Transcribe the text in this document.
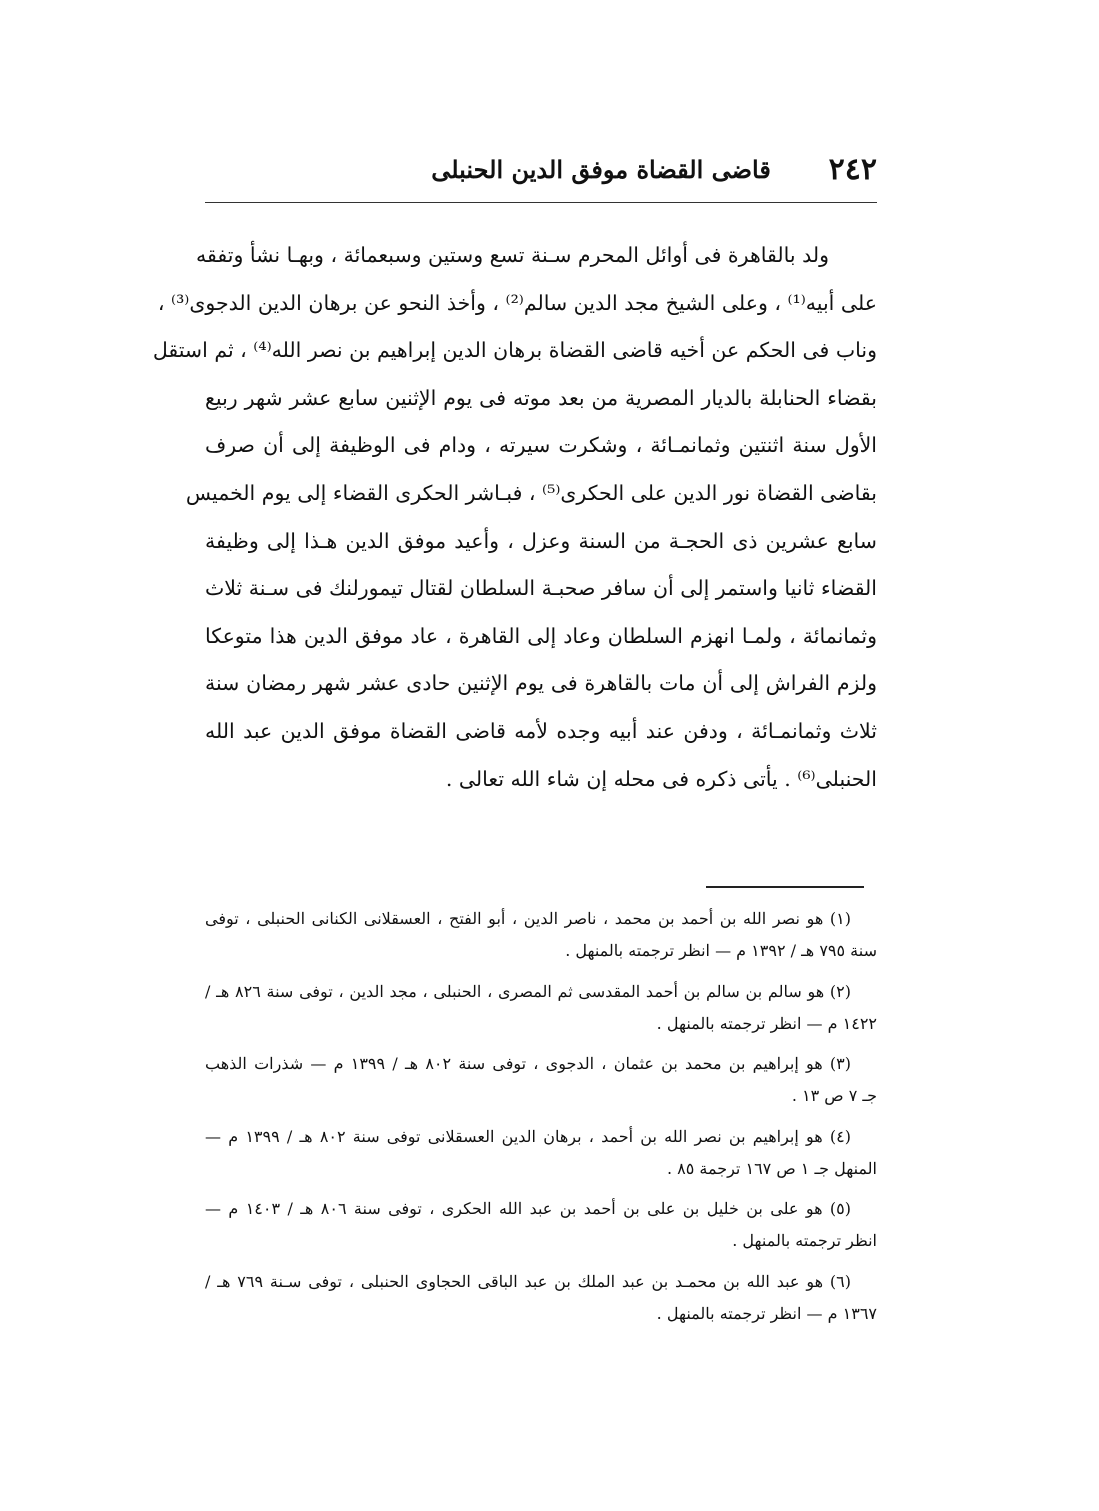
٢٤٢
قاضى القضاة موفق الدين الحنبلى

ولد بالقاهرة فى أوائل المحرم سـنة تسع وستين وسبعمائة ، وبهـا نشأ وتفقه
على أبيه⁽¹⁾ ، وعلى الشيخ مجد الدين سالم⁽²⁾ ، وأخذ النحو عن برهان الدين الدجوى⁽³⁾ ،
وناب فى الحكم عن أخيه قاضى القضاة برهان الدين إبراهيم بن نصر الله⁽⁴⁾ ، ثم استقل
بقضاء الحنابلة بالديار المصرية من بعد موته فى يوم الإثنين سابع عشر شهر ربيع
الأول سنة اثنتين وثمانمـائة ، وشكرت سيرته ، ودام فى الوظيفة إلى أن صرف
بقاضى القضاة نور الدين على الحكرى⁽⁵⁾ ، فبـاشر الحكرى القضاء إلى يوم الخميس
سابع عشرين ذى الحجـة من السنة وعزل ، وأعيد موفق الدين هـذا إلى وظيفة
القضاء ثانيا واستمر إلى أن سافر صحبـة السلطان لقتال تيمورلنك فى سـنة ثلاث
وثمانمائة ، ولمـا انهزم السلطان وعاد إلى القاهرة ، عاد موفق الدين هذا متوعكا
ولزم الفراش إلى أن مات بالقاهرة فى يوم الإثنين حادى عشر شهر رمضان سنة
ثلاث وثمانمـائة ، ودفن عند أبيه وجده لأمه قاضى القضاة موفق الدين عبد الله
الحنبلى⁽⁶⁾ . يأتى ذكره فى محله إن شاء الله تعالى .

(١) هو نصر الله بن أحمد بن محمد ، ناصر الدين ، أبو الفتح ، العسقلانى الكنانى الحنبلى ، توفى
سنة ٧٩٥ هـ / ١٣٩٢ م — انظر ترجمته بالمنهل .

(٢) هو سالم بن سالم بن أحمد المقدسى ثم المصرى ، الحنبلى ، مجد الدين ، توفى سنة ٨٢٦ هـ /
١٤٢٢ م — انظر ترجمته بالمنهل .

(٣) هو إبراهيم بن محمد بن عثمان ، الدجوى ، توفى سنة ٨٠٢ هـ / ١٣٩٩ م — شذرات الذهب
جـ ٧ ص ١٣ .

(٤) هو إبراهيم بن نصر الله بن أحمد ، برهان الدين العسقلانى توفى سنة ٨٠٢ هـ / ١٣٩٩ م —
المنهل جـ ١ ص ١٦٧ ترجمة ٨٥ .

(٥) هو على بن خليل بن على بن أحمد بن عبد الله الحكرى ، توفى سنة ٨٠٦ هـ / ١٤٠٣ م —
انظر ترجمته بالمنهل .

(٦) هو عبد الله بن محمـد بن عبد الملك بن عبد الباقى الحجاوى الحنبلى ، توفى سـنة ٧٦٩ هـ /
١٣٦٧ م — انظر ترجمته بالمنهل .
